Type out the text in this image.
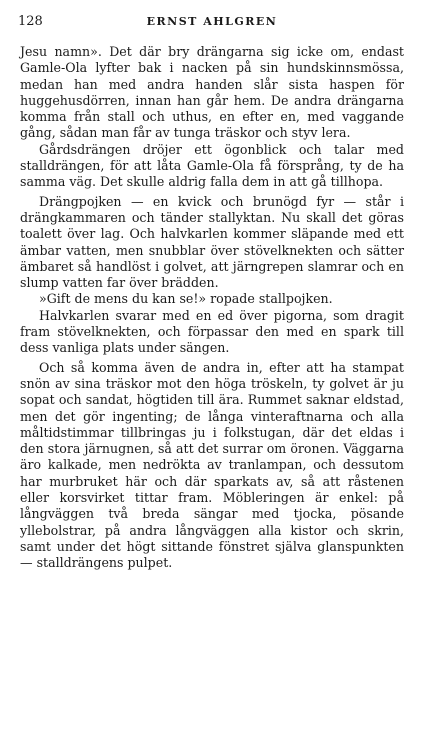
128	ERNST AHLGREN

Jesu namn». Det där bry drängarna sig icke om, endast Gamle-Ola lyfter bak i nacken på sin hundskinnsmössa, medan han med andra handen slår sista haspen för huggehusdörren, innan han går hem. De andra drängarna komma från stall och uthus, en efter en, med vaggande gång, sådan man får av tunga träskor och styv lera.

Gårdsdrängen dröjer ett ögonblick och talar med stalldrängen, för att låta Gamle-Ola få försprång, ty de ha samma väg. Det skulle aldrig falla dem in att gå tillhopa.

Drängpojken — en kvick och brunögd fyr — står i drängkammaren och tänder stallyktan. Nu skall det göras toalett över lag. Och halvkarlen kommer släpande med ett ämbar vatten, men snubblar över stövelknekten och sätter ämbaret så handlöst i golvet, att järngrepen slamrar och en slump vatten far över brädden.

»Gift de mens du kan se!» ropade stallpojken.

Halvkarlen svarar med en ed över pigorna, som dragit fram stövelknekten, och förpassar den med en spark till dess vanliga plats under sängen.

Och så komma även de andra in, efter att ha stampat snön av sina träskor mot den höga tröskeln, ty golvet är ju sopat och sandat, högtiden till ära. Rummet saknar eldstad, men det gör ingenting; de långa vinteraftnarna och alla måltidstimmar tillbringas ju i folkstugan, där det eldas i den stora järnugnen, så att det surrar om öronen. Väggarna äro kalkade, men nedrökta av tranlampan, och dessutom har murbruket här och där sparkats av, så att råstenen eller korsvirket tittar fram. Möbleringen är enkel: på långväggen två breda sängar med tjocka, pösande yllebolstrar, på andra långväggen alla kistor och skrin, samt under det högt sittande fönstret själva glanspunkten — stalldrängens pulpet.
